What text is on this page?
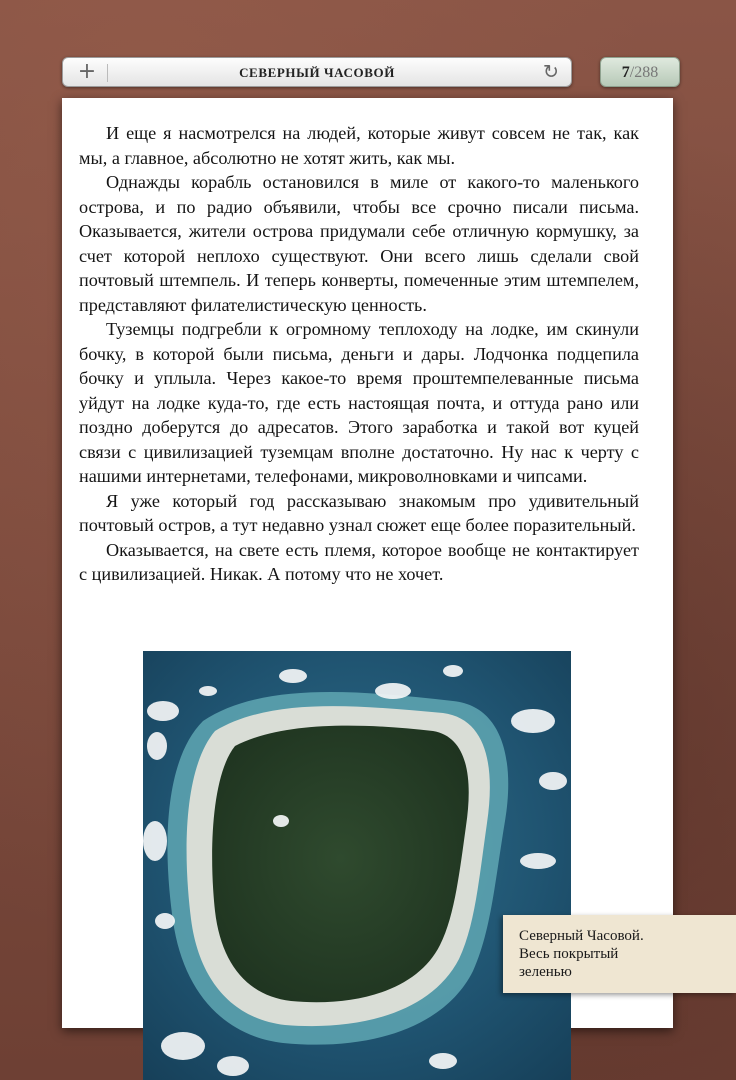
+	СЕВЕРНЫЙ ЧАСОВОЙ	↻	7/288

И еще я насмотрелся на людей, которые живут совсем не так, как мы, а главное, абсолютно не хотят жить, как мы.

Однажды корабль остановился в миле от какого-то маленького острова, и по радио объявили, чтобы все срочно писали письма. Оказывается, жители острова придумали себе отличную кормушку, за счет которой неплохо существуют. Они всего лишь сделали свой почтовый штемпель. И теперь конверты, помеченные этим штемпелем, представляют филателистическую ценность.

Туземцы подгребли к огромному теплоходу на лодке, им скинули бочку, в которой были письма, деньги и дары. Лодчонка подцепила бочку и уплыла. Через какое-то время проштемпелеванные письма уйдут на лодке куда-то, где есть настоящая почта, и оттуда рано или поздно доберутся до адресатов. Этого заработка и такой вот куцей связи с цивилизацией туземцам вполне достаточно. Ну нас к черту с нашими интернетами, телефонами, микроволновками и чипсами.

Я уже который год рассказываю знакомым про удивительный почтовый остров, а тут недавно узнал сюжет еще более поразительный.

Оказывается, на свете есть племя, которое вообще не контактирует с цивилизацией. Никак. А потому что не хочет.

Северный Часовой.
Весь покрытый
зеленью
